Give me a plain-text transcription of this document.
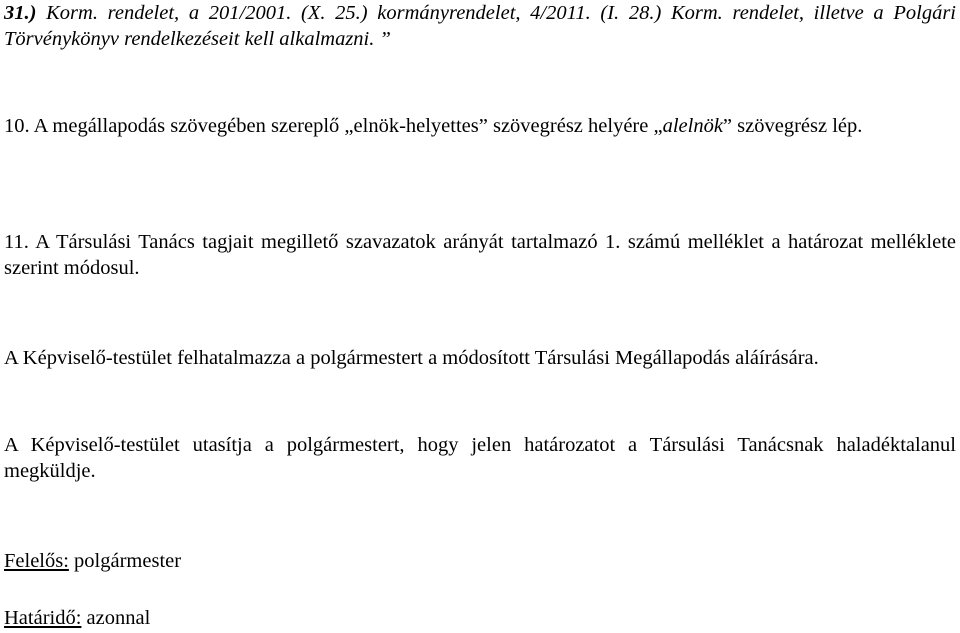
31.) Korm. rendelet, a 201/2001. (X. 25.) kormányrendelet, 4/2011. (I. 28.) Korm. rendelet, illetve a Polgári Törvénykönyv rendelkezéseit kell alkalmazni. ”

10. A megállapodás szövegében szereplő „elnök-helyettes” szövegrész helyére „alelnök” szövegrész lép.

11. A Társulási Tanács tagjait megillető szavazatok arányát tartalmazó 1. számú melléklet a határozat melléklete szerint módosul.

A Képviselő-testület felhatalmazza a polgármestert a módosított Társulási Megállapodás aláírására.

A Képviselő-testület utasítja a polgármestert, hogy jelen határozatot a Társulási Tanácsnak haladéktalanul megküldje.

Felelős: polgármester

Határidő: azonnal
